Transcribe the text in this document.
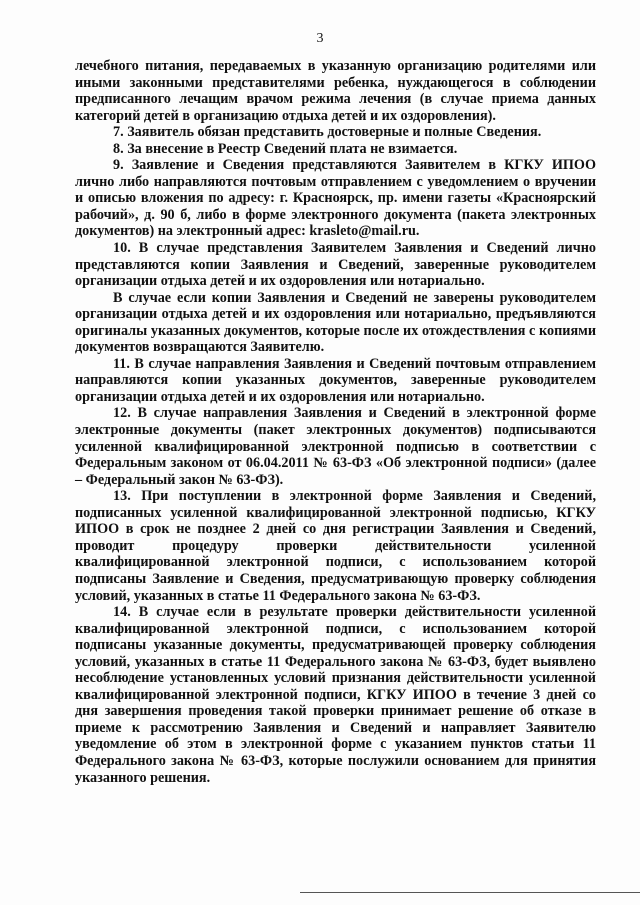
3

лечебного питания, передаваемых в указанную организацию родителями или иными законными представителями ребенка, нуждающегося в соблюдении предписанного лечащим врачом режима лечения (в случае приема данных категорий детей в организацию отдыха детей и их оздоровления).

7. Заявитель обязан представить достоверные и полные Сведения.

8. За внесение в Реестр Сведений плата не взимается.

9. Заявление и Сведения представляются Заявителем в КГКУ ИПОО лично либо направляются почтовым отправлением с уведомлением о вручении и описью вложения по адресу: г. Красноярск, пр. имени газеты «Красноярский рабочий», д. 90 б, либо в форме электронного документа (пакета электронных документов) на электронный адрес: krasleto@mail.ru.

10. В случае представления Заявителем Заявления и Сведений лично представляются копии Заявления и Сведений, заверенные руководителем организации отдыха детей и их оздоровления или нотариально.

В случае если копии Заявления и Сведений не заверены руководителем организации отдыха детей и их оздоровления или нотариально, предъявляются оригиналы указанных документов, которые после их отождествления с копиями документов возвращаются Заявителю.

11. В случае направления Заявления и Сведений почтовым отправлением направляются копии указанных документов, заверенные руководителем организации отдыха детей и их оздоровления или нотариально.

12. В случае направления Заявления и Сведений в электронной форме электронные документы (пакет электронных документов) подписываются усиленной квалифицированной электронной подписью в соответствии с Федеральным законом от 06.04.2011 № 63-ФЗ «Об электронной подписи» (далее – Федеральный закон № 63-ФЗ).

13. При поступлении в электронной форме Заявления и Сведений, подписанных усиленной квалифицированной электронной подписью, КГКУ ИПОО в срок не позднее 2 дней со дня регистрации Заявления и Сведений, проводит процедуру проверки действительности усиленной квалифицированной электронной подписи, с использованием которой подписаны Заявление и Сведения, предусматривающую проверку соблюдения условий, указанных в статье 11 Федерального закона № 63-ФЗ.

14. В случае если в результате проверки действительности усиленной квалифицированной электронной подписи, с использованием которой подписаны указанные документы, предусматривающей проверку соблюдения условий, указанных в статье 11 Федерального закона № 63-ФЗ, будет выявлено несоблюдение установленных условий признания действительности усиленной квалифицированной электронной подписи, КГКУ ИПОО в течение 3 дней со дня завершения проведения такой проверки принимает решение об отказе в приеме к рассмотрению Заявления и Сведений и направляет Заявителю уведомление об этом в электронной форме с указанием пунктов статьи 11 Федерального закона № 63-ФЗ, которые послужили основанием для принятия указанного решения.
